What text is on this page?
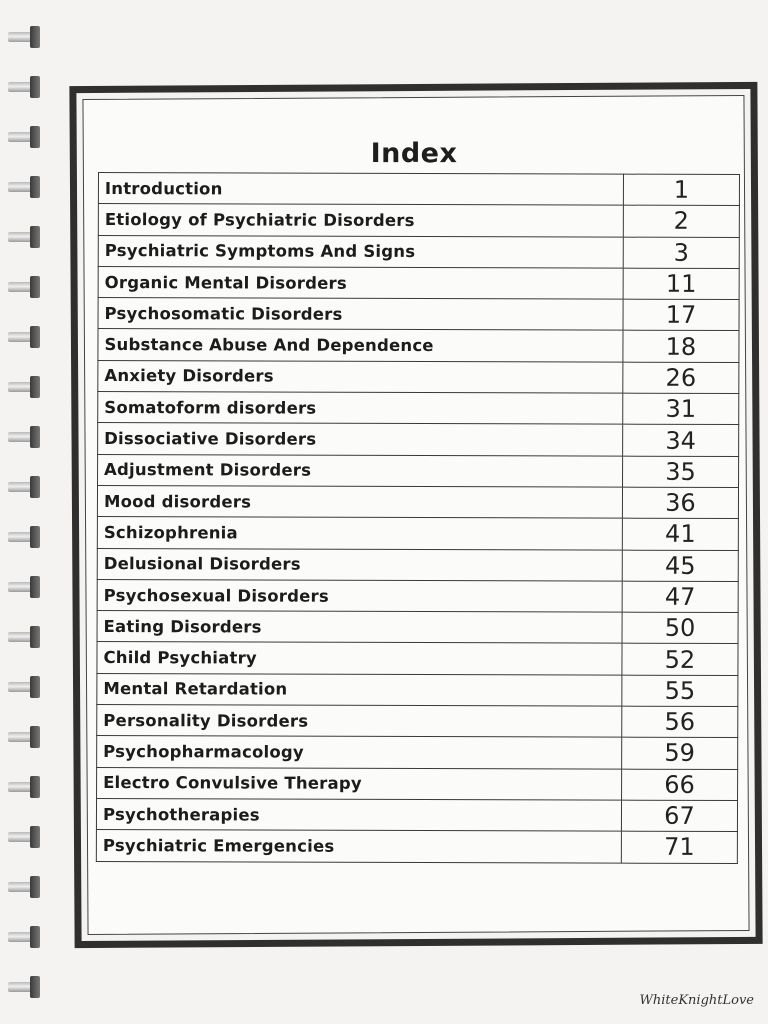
Index
Introduction	1
Etiology of Psychiatric Disorders	2
Psychiatric Symptoms And Signs	3
Organic Mental Disorders	11
Psychosomatic Disorders	17
Substance Abuse And Dependence	18
Anxiety Disorders	26
Somatoform disorders	31
Dissociative Disorders	34
Adjustment Disorders	35
Mood disorders	36
Schizophrenia	41
Delusional Disorders	45
Psychosexual Disorders	47
Eating Disorders	50
Child Psychiatry	52
Mental Retardation	55
Personality Disorders	56
Psychopharmacology	59
Electro Convulsive Therapy	66
Psychotherapies	67
Psychiatric Emergencies	71
WhiteKnightLove
